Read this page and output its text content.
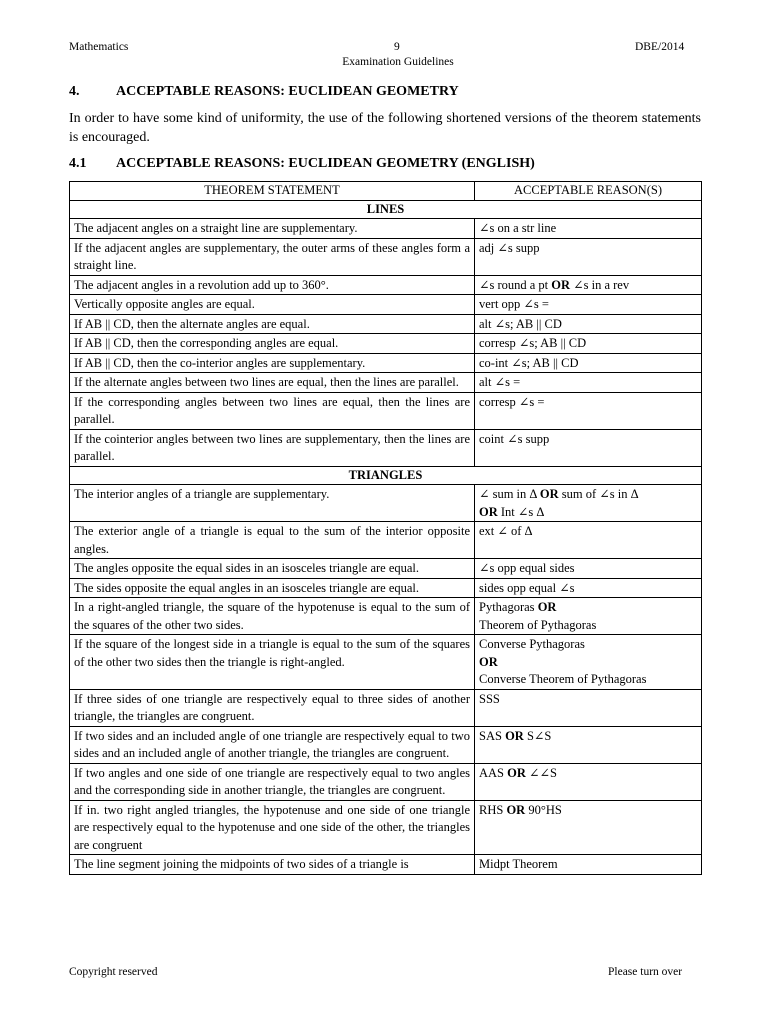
Mathematics	9	DBE/2014
Examination Guidelines
4.	ACCEPTABLE REASONS: EUCLIDEAN GEOMETRY
In order to have some kind of uniformity, the use of the following shortened versions of the theorem statements is encouraged.
4.1 ACCEPTABLE REASONS: EUCLIDEAN GEOMETRY (ENGLISH)
THEOREM STATEMENT	ACCEPTABLE REASON(S)
LINES	
The adjacent angles on a straight line are supplementary.	∠s on a str line
If the adjacent angles are supplementary, the outer arms of these angles form a straight line.	adj ∠s supp
The adjacent angles in a revolution add up to 360°.	∠s round a pt OR ∠s in a rev
Vertically opposite angles are equal.	vert opp ∠s =
If AB || CD, then the alternate angles are equal.	alt ∠s; AB || CD
If AB || CD, then the corresponding angles are equal.	corresp ∠s; AB || CD
If AB || CD, then the co-interior angles are supplementary.	co-int ∠s; AB || CD
If the alternate angles between two lines are equal, then the lines are parallel.	alt ∠s =
If the corresponding angles between two lines are equal, then the lines are parallel.	corresp ∠s =
If the cointerior angles between two lines are supplementary, then the lines are parallel.	coint ∠s supp
TRIANGLES	
The interior angles of a triangle are supplementary.	∠ sum in Δ OR sum of ∠s in Δ
OR Int ∠s Δ
The exterior angle of a triangle is equal to the sum of the interior opposite angles.	ext ∠ of Δ
The angles opposite the equal sides in an isosceles triangle are equal.	∠s opp equal sides
The sides opposite the equal angles in an isosceles triangle are equal.	sides opp equal ∠s
In a right-angled triangle, the square of the hypotenuse is equal to the sum of the squares of the other two sides.	Pythagoras OR
Theorem of Pythagoras
If the square of the longest side in a triangle is equal to the sum of the squares of the other two sides then the triangle is right-angled.	Converse Pythagoras
OR
Converse Theorem of Pythagoras
If three sides of one triangle are respectively equal to three sides of another triangle, the triangles are congruent.	SSS
If two sides and an included angle of one triangle are respectively equal to two sides and an included angle of another triangle, the triangles are congruent.	SAS OR S∠S
If two angles and one side of one triangle are respectively equal to two angles and the corresponding side in another triangle, the triangles are congruent.	AAS OR ∠∠S
If in. two right angled triangles, the hypotenuse and one side of one triangle are respectively equal to the hypotenuse and one side of the other, the triangles are congruent	RHS OR 90°HS
The line segment joining the midpoints of two sides of a triangle is	Midpt Theorem
Copyright reserved	Please turn over
